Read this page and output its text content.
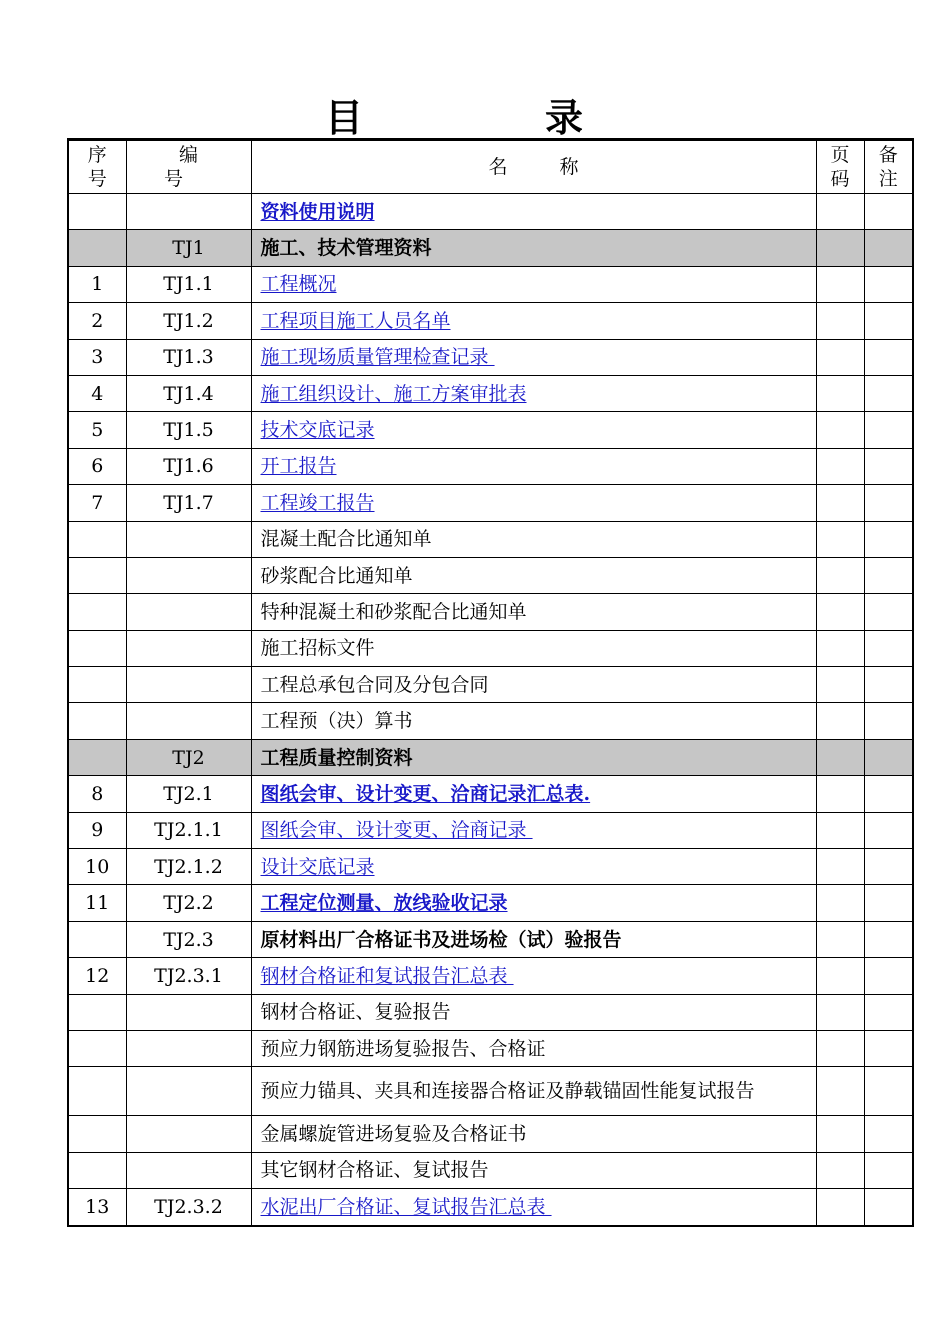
目　录
序号	编号	名称	页码	备注
		资料使用说明		
	TJ1	施工、技术管理资料		
1	TJ1.1	工程概况		
2	TJ1.2	工程项目施工人员名单		
3	TJ1.3	施工现场质量管理检查记录		
4	TJ1.4	施工组织设计、施工方案审批表		
5	TJ1.5	技术交底记录		
6	TJ1.6	开工报告		
7	TJ1.7	工程竣工报告		
		混凝土配合比通知单		
		砂浆配合比通知单		
		特种混凝土和砂浆配合比通知单		
		施工招标文件		
		工程总承包合同及分包合同		
		工程预（决）算书		
	TJ2	工程质量控制资料		
8	TJ2.1	图纸会审、设计变更、洽商记录汇总表.		
9	TJ2.1.1	图纸会审、设计变更、洽商记录		
10	TJ2.1.2	设计交底记录		
11	TJ2.2	工程定位测量、放线验收记录		
	TJ2.3	原材料出厂合格证书及进场检（试）验报告		
12	TJ2.3.1	钢材合格证和复试报告汇总表		
		钢材合格证、复验报告		
		预应力钢筋进场复验报告、合格证		
		预应力锚具、夹具和连接器合格证及静载锚固性能复试报告		
		金属螺旋管进场复验及合格证书		
		其它钢材合格证、复试报告		
13	TJ2.3.2	水泥出厂合格证、复试报告汇总表		
